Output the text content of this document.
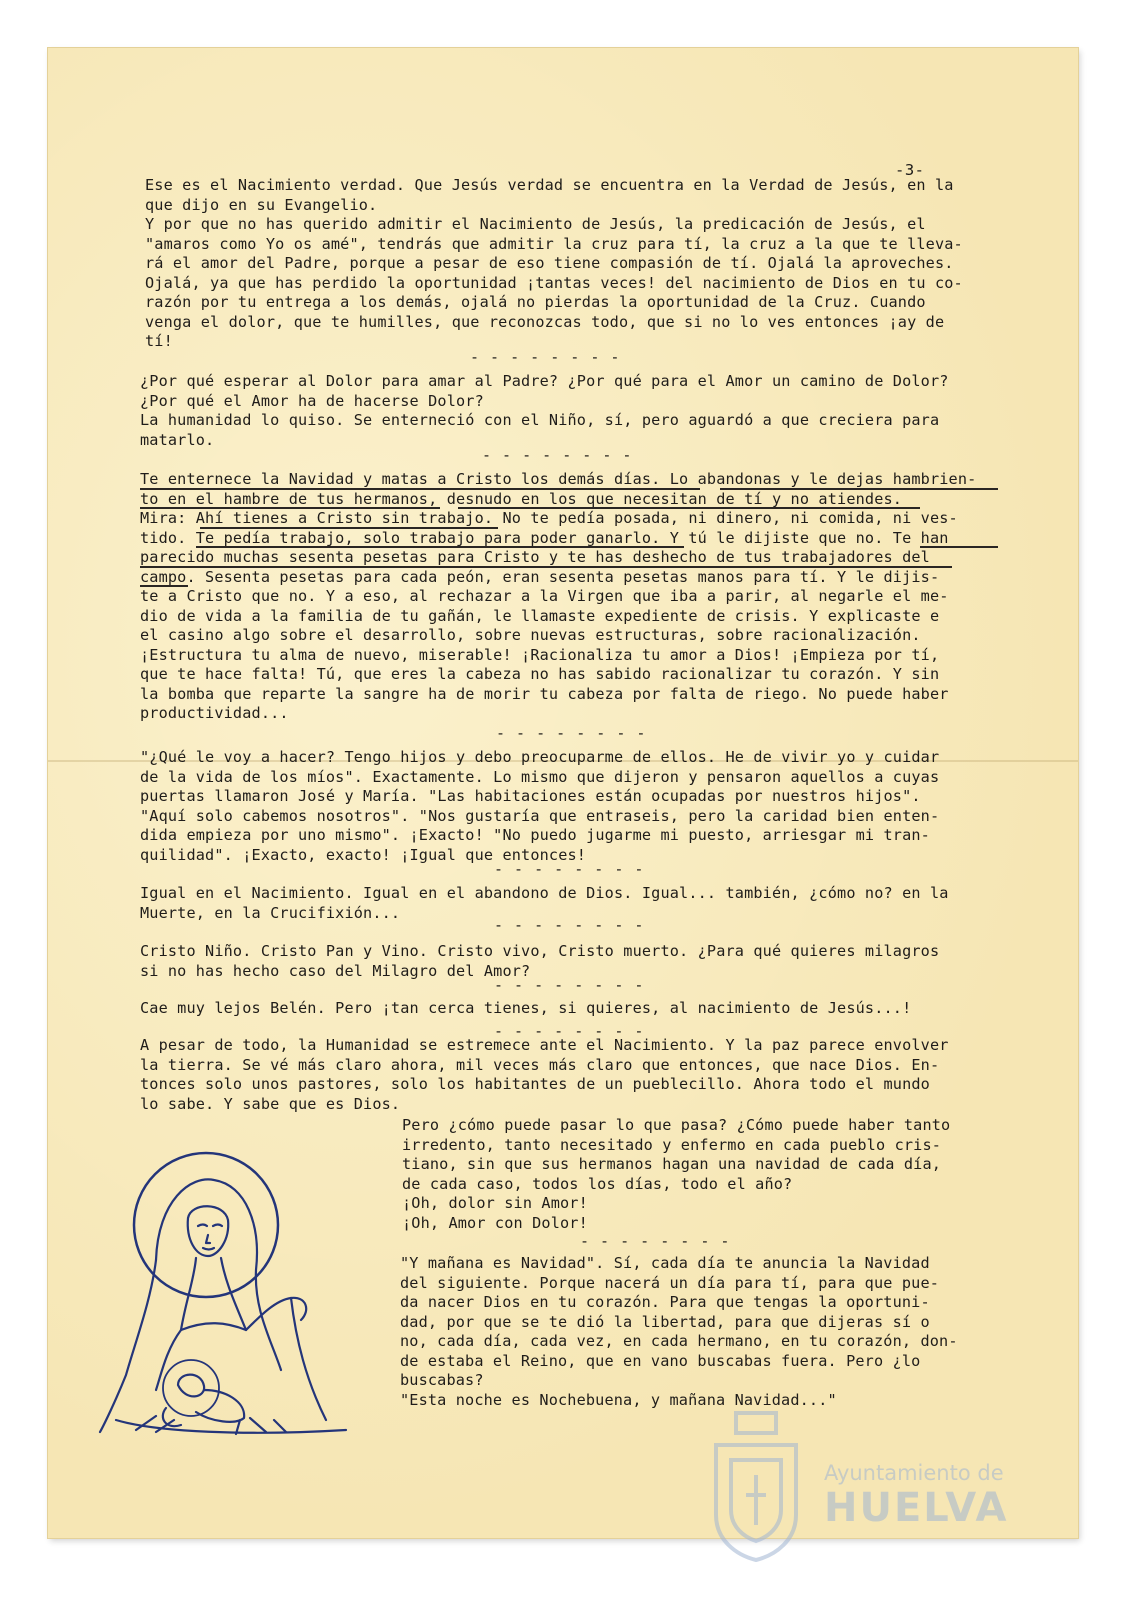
-3-
Ese es el Nacimiento verdad. Que Jesús verdad se encuentra en la Verdad de Jesús, en la
que dijo en su Evangelio.
Y por que no has querido admitir el Nacimiento de Jesús, la predicación de Jesús, el
"amaros como Yo os amé", tendrás que admitir la cruz para tí, la cruz a la que te lleva-
rá el amor del Padre, porque a pesar de eso tiene compasión de tí. Ojalá la aproveches.
Ojalá, ya que has perdido la oportunidad ¡tantas veces! del nacimiento de Dios en tu co-
razón por tu entrega a los demás, ojalá no pierdas la oportunidad de la Cruz. Cuando
venga el dolor, que te humilles, que reconozcas todo, que si no lo ves entonces ¡ay de
tí!
- - - - - - - -
¿Por qué esperar al Dolor para amar al Padre? ¿Por qué para el Amor un camino de Dolor?
¿Por qué el Amor ha de hacerse Dolor?
La humanidad lo quiso. Se enterneció con el Niño, sí, pero aguardó a que creciera para
matarlo.
- - - - - - - -
Te enternece la Navidad y matas a Cristo los demás días. Lo abandonas y le dejas hambrien-
to en el hambre de tus hermanos, desnudo en los que necesitan de tí y no atiendes.
Mira: Ahí tienes a Cristo sin trabajo. No te pedía posada, ni dinero, ni comida, ni ves-
tido. Te pedía trabajo, solo trabajo para poder ganarlo. Y tú le dijiste que no. Te han
parecido muchas sesenta pesetas para Cristo y te has deshecho de tus trabajadores del
campo. Sesenta pesetas para cada peón, eran sesenta pesetas manos para tí. Y le dijis-
te a Cristo que no. Y a eso, al rechazar a la Virgen que iba a parir, al negarle el me-
dio de vida a la familia de tu gañán, le llamaste expediente de crisis. Y explicaste e
el casino algo sobre el desarrollo, sobre nuevas estructuras, sobre racionalización.
¡Estructura tu alma de nuevo, miserable! ¡Racionaliza tu amor a Dios! ¡Empieza por tí,
que te hace falta! Tú, que eres la cabeza no has sabido racionalizar tu corazón. Y sin
la bomba que reparte la sangre ha de morir tu cabeza por falta de riego. No puede haber
productividad...
- - - - - - - -
"¿Qué le voy a hacer? Tengo hijos y debo preocuparme de ellos. He de vivir yo y cuidar
de la vida de los míos". Exactamente. Lo mismo que dijeron y pensaron aquellos a cuyas
puertas llamaron José y María. "Las habitaciones están ocupadas por nuestros hijos".
"Aquí solo cabemos nosotros". "Nos gustaría que entraseis, pero la caridad bien enten-
dida empieza por uno mismo". ¡Exacto! "No puedo jugarme mi puesto, arriesgar mi tran-
quilidad". ¡Exacto, exacto! ¡Igual que entonces!
- - - - - - - -
Igual en el Nacimiento. Igual en el abandono de Dios. Igual... también, ¿cómo no? en la
Muerte, en la Crucifixión...
- - - - - - - -
Cristo Niño. Cristo Pan y Vino. Cristo vivo, Cristo muerto. ¿Para qué quieres milagros
si no has hecho caso del Milagro del Amor?
- - - - - - - -
Cae muy lejos Belén. Pero ¡tan cerca tienes, si quieres, al nacimiento de Jesús...!
- - - - - - - -
A pesar de todo, la Humanidad se estremece ante el Nacimiento. Y la paz parece envolver
la tierra. Se vé más claro ahora, mil veces más claro que entonces, que nace Dios. En-
tonces solo unos pastores, solo los habitantes de un pueblecillo. Ahora todo el mundo
lo sabe. Y sabe que es Dios.
Pero ¿cómo puede pasar lo que pasa? ¿Cómo puede haber tanto
irredento, tanto necesitado y enfermo en cada pueblo cris-
tiano, sin que sus hermanos hagan una navidad de cada día,
de cada caso, todos los días, todo el año?
¡Oh, dolor sin Amor!
¡Oh, Amor con Dolor!
- - - - - - - -
"Y mañana es Navidad". Sí, cada día te anuncia la Navidad
del siguiente. Porque nacerá un día para tí, para que pue-
da nacer Dios en tu corazón. Para que tengas la oportuni-
dad, por que se te dió la libertad, para que dijeras sí o
no, cada día, cada vez, en cada hermano, en tu corazón, don-
de estaba el Reino, que en vano buscabas fuera. Pero ¿lo
buscabas?
"Esta noche es Nochebuena, y mañana Navidad..."
Ayuntamiento de
HUELVA
